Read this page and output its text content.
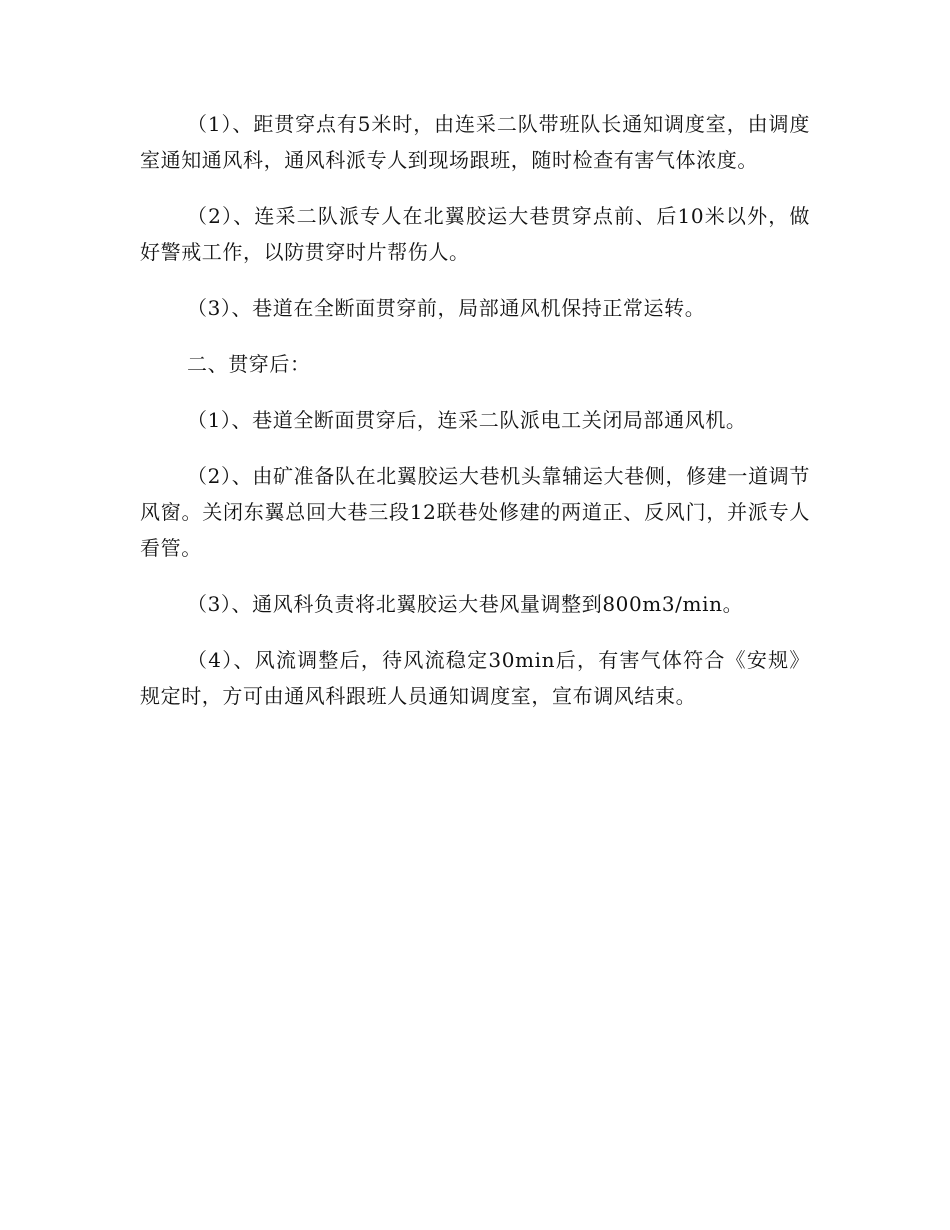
（1）、距贯穿点有5米时，由连采二队带班队长通知调度室，由调度室通知通风科，通风科派专人到现场跟班，随时检查有害气体浓度。

（2）、连采二队派专人在北翼胶运大巷贯穿点前、后10米以外，做好警戒工作，以防贯穿时片帮伤人。

（3）、巷道在全断面贯穿前，局部通风机保持正常运转。

二、贯穿后：

（1）、巷道全断面贯穿后，连采二队派电工关闭局部通风机。

（2）、由矿准备队在北翼胶运大巷机头靠辅运大巷侧，修建一道调节风窗。关闭东翼总回大巷三段12联巷处修建的两道正、反风门，并派专人看管。

（3）、通风科负责将北翼胶运大巷风量调整到800m3/min。

（4）、风流调整后，待风流稳定30min后，有害气体符合《安规》规定时，方可由通风科跟班人员通知调度室，宣布调风结束。
